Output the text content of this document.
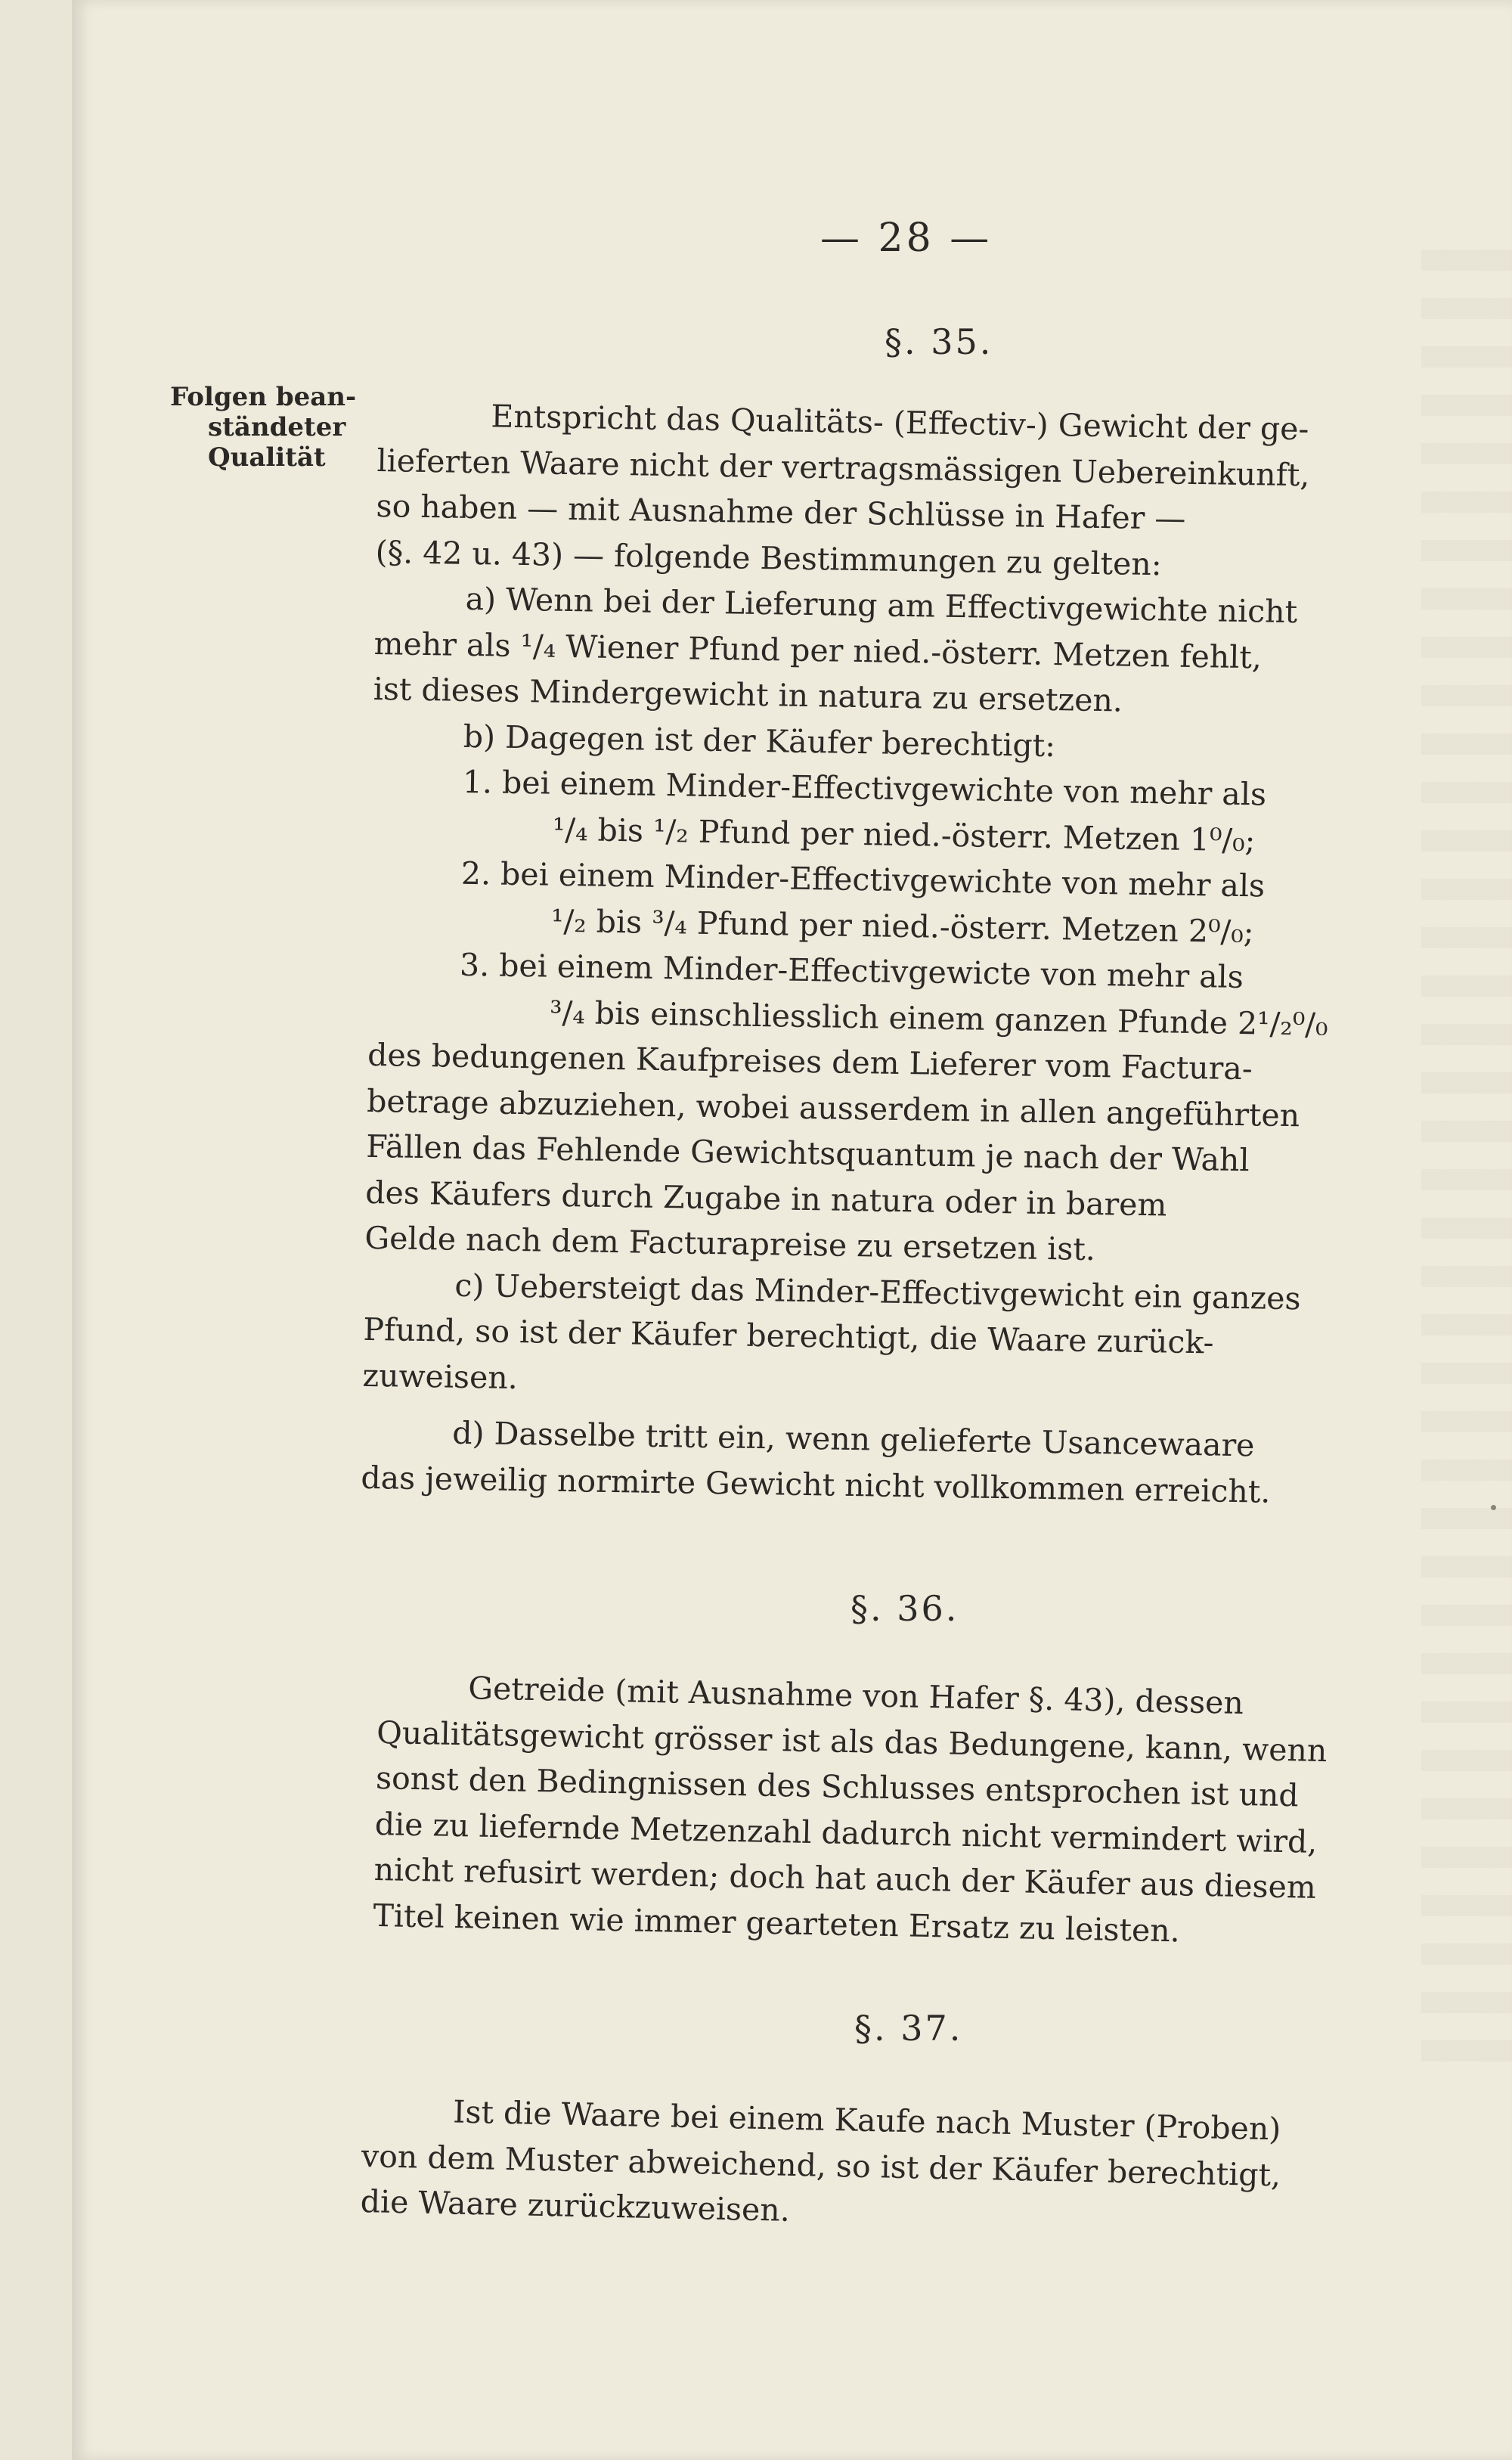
— 28 —
§. 35.
Folgen bean-
ständeter
Qualität
Entspricht das Qualitäts- (Effectiv-) Gewicht der ge-
lieferten Waare nicht der vertragsmässigen Uebereinkunft,
so haben — mit Ausnahme der Schlüsse in Hafer —
(§. 42 u. 43) — folgende Bestimmungen zu gelten:
a) Wenn bei der Lieferung am Effectivgewichte nicht
mehr als ¹/₄ Wiener Pfund per nied.-österr. Metzen fehlt,
ist dieses Mindergewicht in natura zu ersetzen.
b) Dagegen ist der Käufer berechtigt:
1. bei einem Minder-Effectivgewichte von mehr als
¹/₄ bis ¹/₂ Pfund per nied.-österr. Metzen 1⁰/₀;
2. bei einem Minder-Effectivgewichte von mehr als
¹/₂ bis ³/₄ Pfund per nied.-österr. Metzen 2⁰/₀;
3. bei einem Minder-Effectivgewicte von mehr als
³/₄ bis einschliesslich einem ganzen Pfunde 2¹/₂⁰/₀
des bedungenen Kaufpreises dem Lieferer vom Factura-
betrage abzuziehen, wobei ausserdem in allen angeführten
Fällen das Fehlende Gewichtsquantum je nach der Wahl
des Käufers durch Zugabe in natura oder in barem
Gelde nach dem Facturapreise zu ersetzen ist.
c) Uebersteigt das Minder-Effectivgewicht ein ganzes
Pfund, so ist der Käufer berechtigt, die Waare zurück-
zuweisen.
d) Dasselbe tritt ein, wenn gelieferte Usancewaare
das jeweilig normirte Gewicht nicht vollkommen erreicht.
§. 36.
Getreide (mit Ausnahme von Hafer §. 43), dessen
Qualitätsgewicht grösser ist als das Bedungene, kann, wenn
sonst den Bedingnissen des Schlusses entsprochen ist und
die zu liefernde Metzenzahl dadurch nicht vermindert wird,
nicht refusirt werden; doch hat auch der Käufer aus diesem
Titel keinen wie immer gearteten Ersatz zu leisten.
§. 37.
Ist die Waare bei einem Kaufe nach Muster (Proben)
von dem Muster abweichend, so ist der Käufer berechtigt,
die Waare zurückzuweisen.
